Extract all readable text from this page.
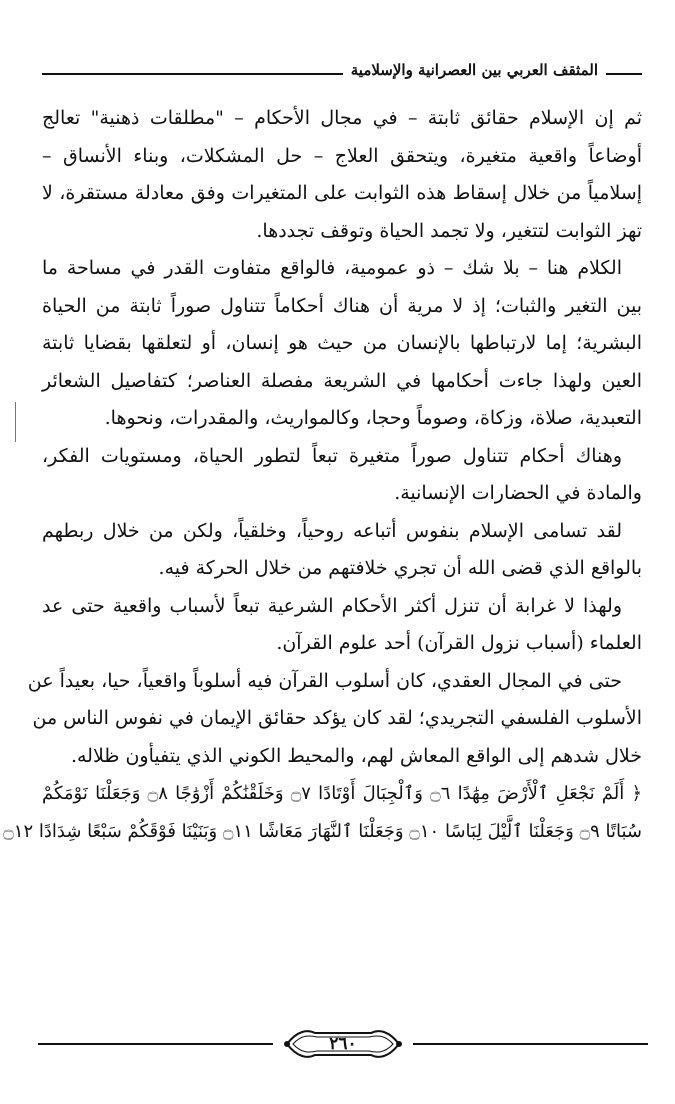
المثقف العربي بين العصرانية والإسلامية
ثم إن الإسلام حقائق ثابتة – في مجال الأحكام – "مطلقات ذهنية" تعالج
أوضاعاً واقعية متغيرة، ويتحقق العلاج – حل المشكلات، وبناء الأنساق –
إسلامياً من خلال إسقاط هذه الثوابت على المتغيرات وفق معادلة مستقرة، لا
تهز الثوابت لتتغير، ولا تجمد الحياة وتوقف تجددها.
الكلام هنا – بلا شك – ذو عمومية، فالواقع متفاوت القدر في مساحة ما
بين التغير والثبات؛ إذ لا مرية أن هناك أحكاماً تتناول صوراً ثابتة من الحياة
البشرية؛ إما لارتباطها بالإنسان من حيث هو إنسان، أو لتعلقها بقضايا ثابتة
العين ولهذا جاءت أحكامها في الشريعة مفصلة العناصر؛ كتفاصيل الشعائر
التعبدية، صلاة، وزكاة، وصوماً وحجا، وكالمواريث، والمقدرات، ونحوها.
وهناك أحكام تتناول صوراً متغيرة تبعاً لتطور الحياة، ومستويات الفكر،
والمادة في الحضارات الإنسانية.
لقد تسامى الإسلام بنفوس أتباعه روحياً، وخلقياً، ولكن من خلال ربطهم
بالواقع الذي قضى الله أن تجري خلافتهم من خلال الحركة فيه.
ولهذا لا غرابة أن تنزل أكثر الأحكام الشرعية تبعاً لأسباب واقعية حتى عد
العلماء (أسباب نزول القرآن) أحد علوم القرآن.
حتى في المجال العقدي، كان أسلوب القرآن فيه أسلوباً واقعياً، حيا، بعيداً عن
الأسلوب الفلسفي التجريدي؛ لقد كان يؤكد حقائق الإيمان في نفوس الناس من
خلال شدهم إلى الواقع المعاش لهم، والمحيط الكوني الذي يتفيأون ظلاله.
﴿ أَلَمْ نَجْعَلِ ٱلْأَرْضَ مِهَٰدًا ۝٦ وَٱلْجِبَالَ أَوْتَادًا ۝٧ وَخَلَقْنَٰكُمْ أَزْوَٰجًا ۝٨ وَجَعَلْنَا نَوْمَكُمْ
سُبَاتًا ۝٩ وَجَعَلْنَا ٱلَّيْلَ لِبَاسًا ۝١٠ وَجَعَلْنَا ٱلنَّهَارَ مَعَاشًا ۝١١ وَبَنَيْنَا فَوْقَكُمْ سَبْعًا شِدَادًا ۝١٢
٢٦٠
